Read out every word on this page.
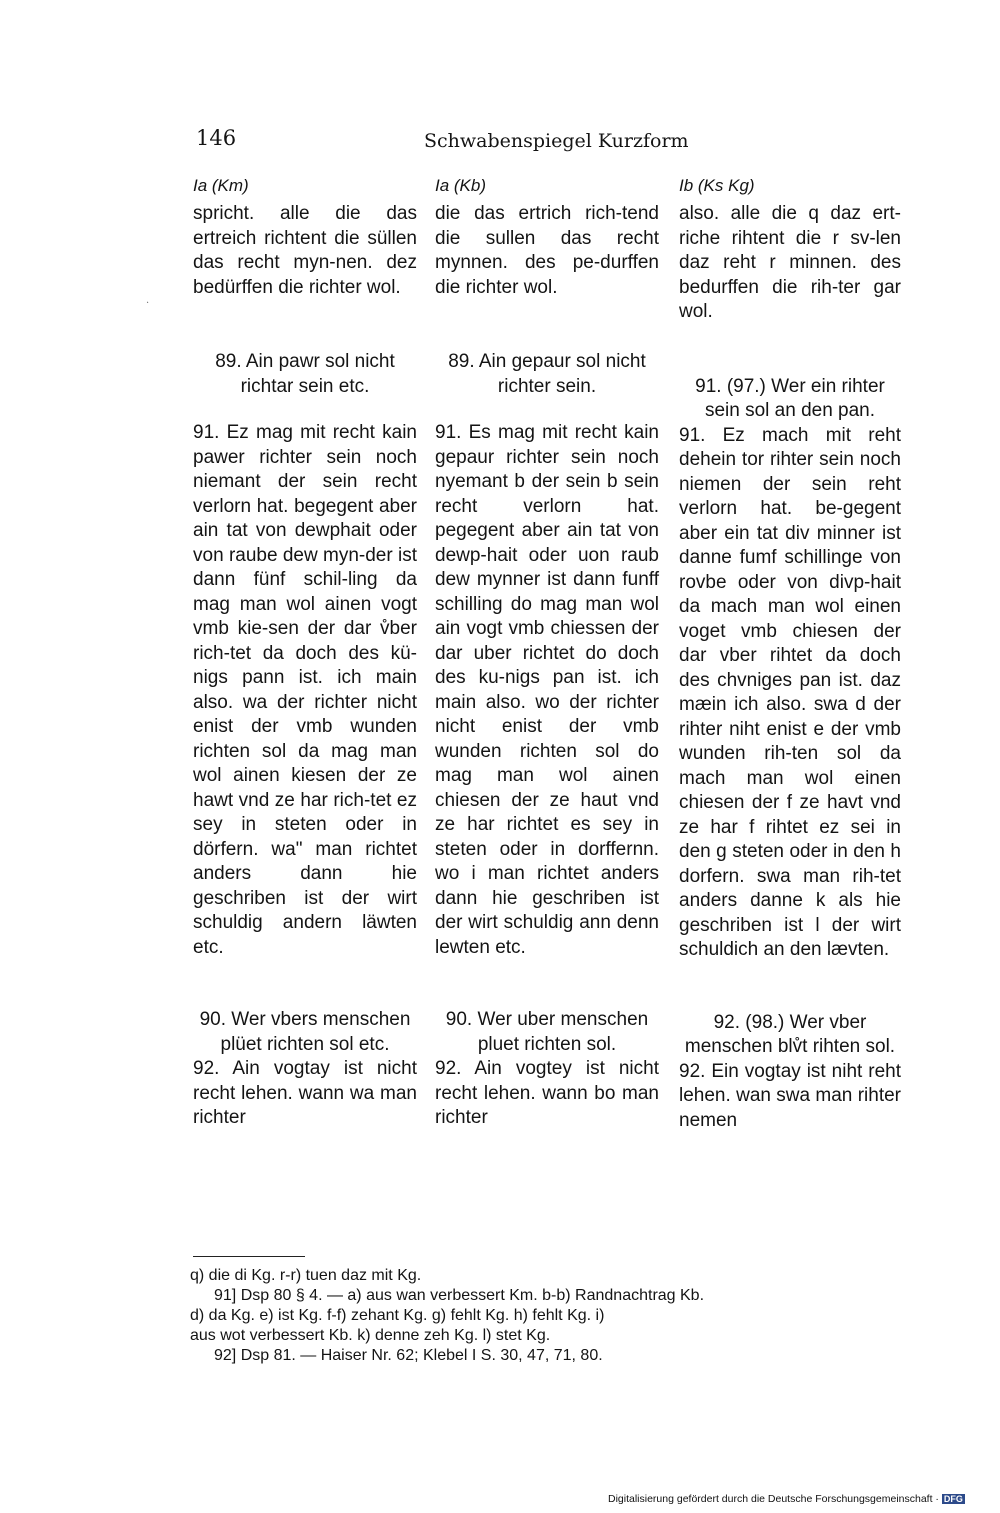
146	Schwabenspiegel Kurzform
·
Ia (Km)
spricht. alle die das ertreich richtent die süllen das recht myn-nen. dez bedürffen die richter wol.
89. Ain pawr sol nicht richtar sein etc.
91. Ez mag mit recht kain pawer richter sein noch niemant der sein recht verlorn hat. begegent aber ain tat von dewphait oder von raube dew myn-der ist dann fünf schil-ling da mag man wol ainen vogt vmb kie-sen der dar v̊ber rich-tet da doch des kü-nigs pann ist. ich main also. wa der richter nicht enist der vmb wunden richten sol da mag man wol ainen kiesen der ze hawt vnd ze har rich-tet ez sey in steten oder in dörfern. wa" man richtet anders dann hie geschriben ist der wirt schuldig andern läwten etc.
90. Wer vbers menschen plüet richten sol etc.
92. Ain vogtay ist nicht recht lehen. wann wa man richter
Ia (Kb)
die das ertrich rich-tend die sullen das recht mynnen. des pe-durffen die richter wol.
89. Ain gepaur sol nicht richter sein.
91. Es mag mit recht kain gepaur richter sein noch nyemant b der sein b sein recht verlorn hat. pegegent aber ain tat von dewp-hait oder uon raub dew mynner ist dann funff schilling do mag man wol ain vogt vmb chiessen der dar uber richtet do doch des ku-nigs pan ist. ich main also. wo der richter nicht enist der vmb wunden richten sol do mag man wol ainen chiesen der ze haut vnd ze har richtet es sey in steten oder in dorffernn. wo i man richtet anders dann hie geschriben ist der wirt schuldig ann denn lewten etc.
90. Wer uber menschen pluet richten sol.
92. Ain vogtey ist nicht recht lehen. wann bo man richter
Ib (Ks Kg)
also. alle die q daz ert-riche rihtent die r sv-len daz reht r minnen. des bedurffen die rih-ter gar wol.
91. (97.) Wer ein rihter sein sol an den pan.
91. Ez mach mit reht dehein tor rihter sein noch niemen der sein reht verlorn hat. be-gegent aber ein tat div minner ist danne fumf schillinge von rovbe oder von divp-hait da mach man wol einen voget vmb chiesen der dar vber rihtet da doch des chvniges pan ist. daz mæin ich also. swa d der rihter niht enist e der vmb wunden rih-ten sol da mach man wol einen chiesen der f ze havt vnd ze har f rihtet ez sei in den g steten oder in den h dorfern. swa man rih-tet anders danne k als hie geschriben ist l der wirt schuldich an den lævten.
92. (98.) Wer vber menschen blv̊t rihten sol.
92. Ein vogtay ist niht reht lehen. wan swa man rihter nemen
q) die di Kg. r-r) tuen daz mit Kg.
91] Dsp 80 § 4. — a) aus wan verbessert Km. b-b) Randnachtrag Kb.
d) da Kg. e) ist Kg. f-f) zehant Kg. g) fehlt Kg. h) fehlt Kg. i)
aus wot verbessert Kb. k) denne zeh Kg. l) stet Kg.
92] Dsp 81. — Haiser Nr. 62; Klebel I S. 30, 47, 71, 80.
Digitalisierung gefördert durch die Deutsche Forschungsgemeinschaft · DFG
